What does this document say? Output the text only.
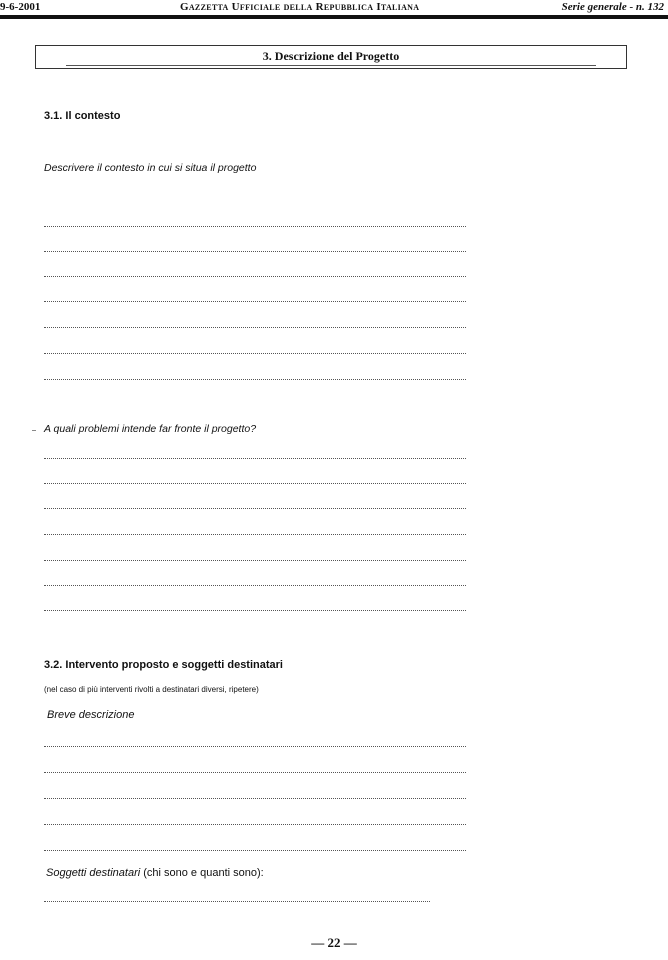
9-6-2001	Gazzetta Ufficiale della Repubblica Italiana	Serie generale - n. 132
3. Descrizione del Progetto
3.1. Il contesto
Descrivere il contesto in cui si situa il progetto
A quali problemi intende far fronte il progetto?
3.2. Intervento proposto e soggetti destinatari
(nel caso di più interventi rivolti a destinatari diversi, ripetere)
Breve descrizione
Soggetti destinatari (chi sono e quanti sono):
— 22 —
